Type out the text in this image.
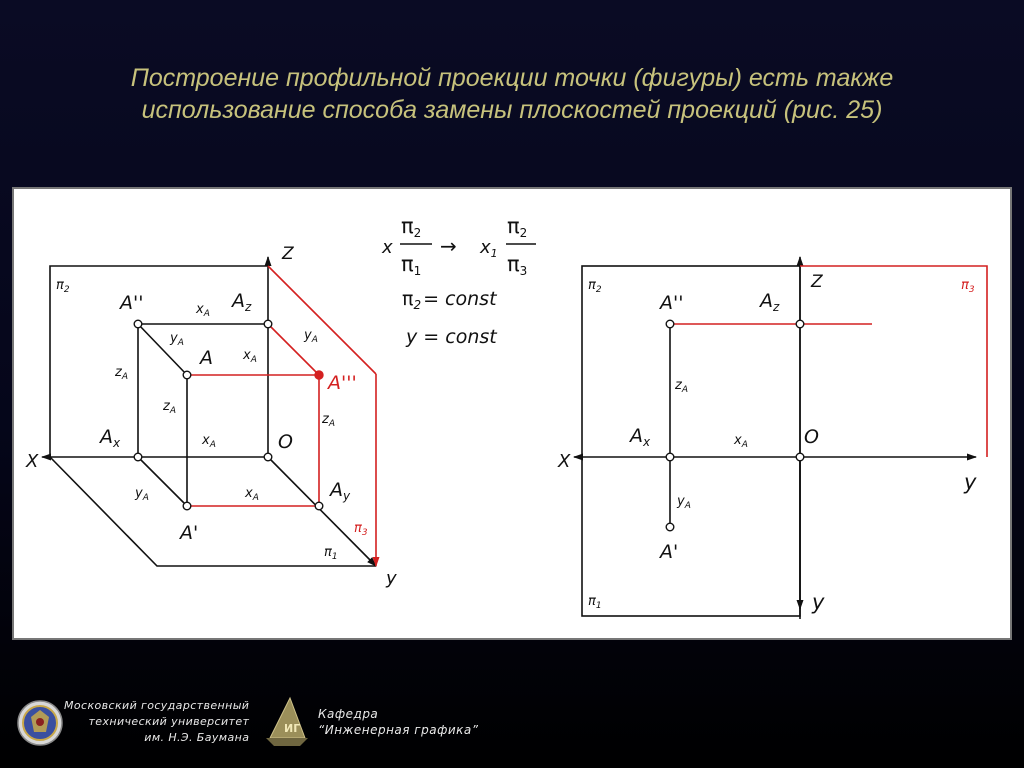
Построение профильной проекции точки (фигуры) есть также
использование способа замены плоскостей проекций (рис. 25)
Z
X
y
$\pi_2$
$\pi_1$
$\pi_3$
A''	$A_z$
A
A'''
$A_x$	O
$A_y$
A'
$x_A$
$y_A$
$x_A$
$y_A$
$z_A$
$z_A$
$z_A$
$x_A$
$y_A$	$x_A$
x
π2
π1
→ $x_1$
π2
π3
$\pi_2$ = const
y = const
Z
X
y
y
$\pi_2$
$\pi_1$
$\pi_3$
A''	$A_z$
$A_x$	O
A'
$z_A$
$x_A$
$y_A$
ИГ
Московский государственный
технический университет
им. Н.Э. Баумана
Кафедра
“Инженерная графика”
